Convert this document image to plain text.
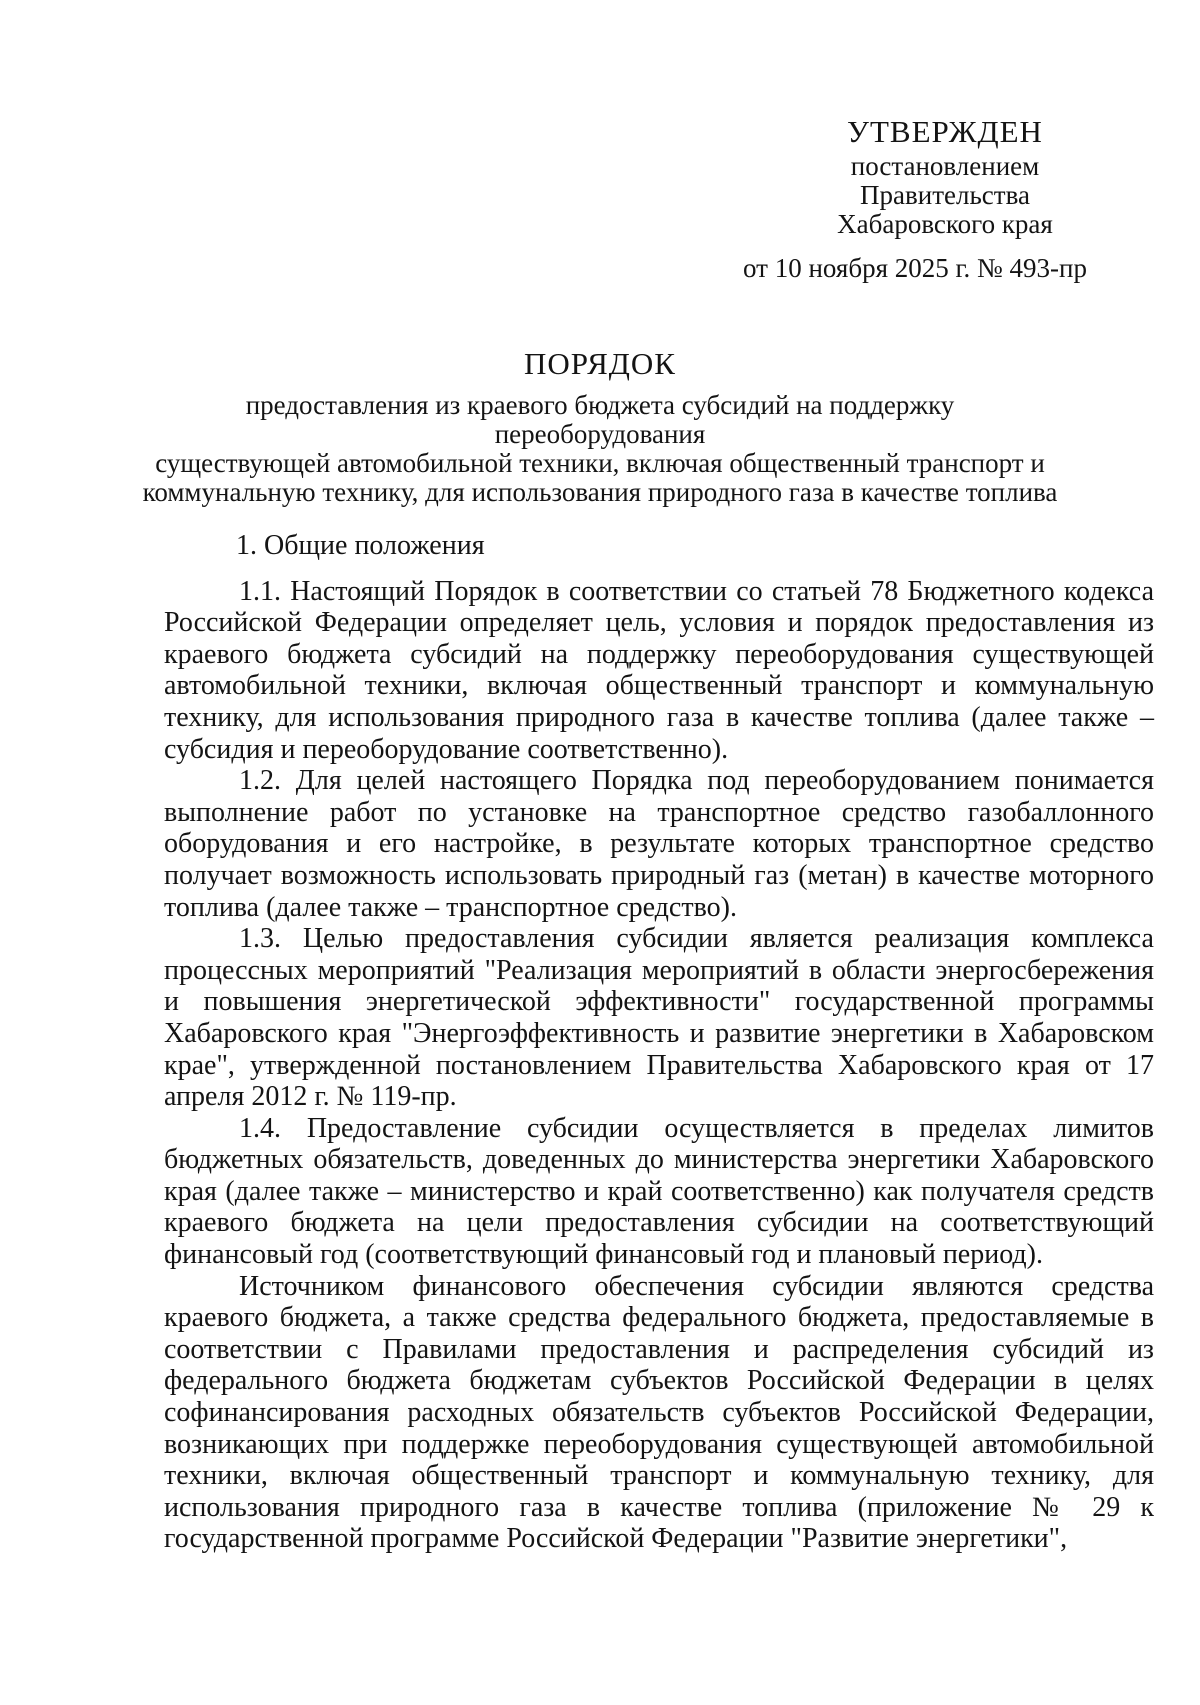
УТВЕРЖДЕН
постановлением
Правительства
Хабаровского края
от 10 ноября 2025 г. № 493-пр
ПОРЯДОК
предоставления из краевого бюджета субсидий на поддержку переоборудования
существующей автомобильной техники, включая общественный транспорт и
коммунальную технику, для использования природного газа в качестве топлива

1. Общие положения

1.1. Настоящий Порядок в соответствии со статьей 78 Бюджетного кодекса Российской Федерации определяет цель, условия и порядок предоставления из краевого бюджета субсидий на поддержку переоборудования существующей автомобильной техники, включая общественный транспорт и коммунальную технику, для использования природного газа в качестве топлива (далее также – субсидия и переоборудование соответственно).

1.2. Для целей настоящего Порядка под переоборудованием понимается выполнение работ по установке на транспортное средство газобаллонного оборудования и его настройке, в результате которых транспортное средство получает возможность использовать природный газ (метан) в качестве моторного топлива (далее также – транспортное средство).

1.3. Целью предоставления субсидии является реализация комплекса процессных мероприятий "Реализация мероприятий в области энергосбережения и повышения энергетической эффективности" государственной программы Хабаровского края "Энергоэффективность и развитие энергетики в Хабаровском крае", утвержденной постановлением Правительства Хабаровского края от 17 апреля 2012 г. № 119-пр.

1.4. Предоставление субсидии осуществляется в пределах лимитов бюджетных обязательств, доведенных до министерства энергетики Хабаровского края (далее также – министерство и край соответственно) как получателя средств краевого бюджета на цели предоставления субсидии на соответствующий финансовый год (соответствующий финансовый год и плановый период).

Источником финансового обеспечения субсидии являются средства краевого бюджета, а также средства федерального бюджета, предоставляемые в соответствии с Правилами предоставления и распределения субсидий из федерального бюджета бюджетам субъектов Российской Федерации в целях софинансирования расходных обязательств субъектов Российской Федерации, возникающих при поддержке переоборудования существующей автомобильной техники, включая общественный транспорт и коммунальную технику, для использования природного газа в качестве топлива (приложение № 29 к государственной программе Российской Федерации "Развитие энергетики",
